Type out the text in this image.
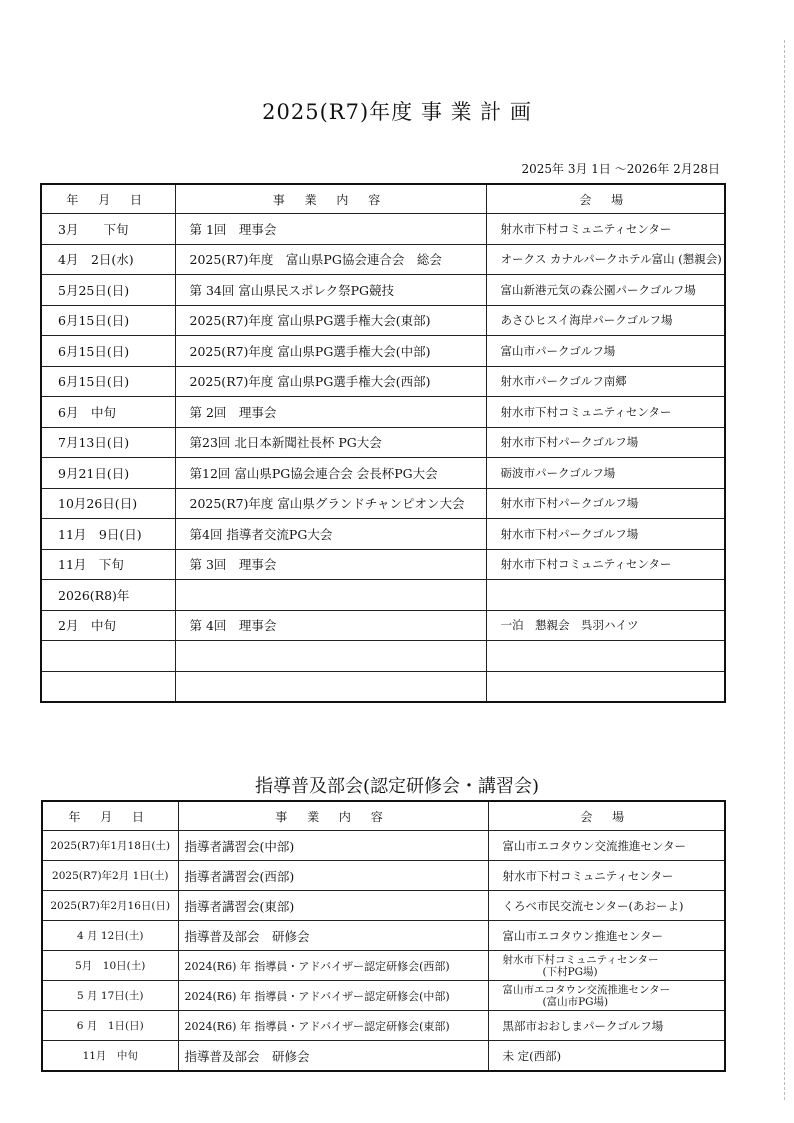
2025(R7)年度 事 業 計 画
2025年 3月 1日 ～2026年 2月28日
年 月 日	事 業 内 容	会 場
3月　　下旬	第 1回　理事会	射水市下村コミュニティセンター
4月　2日(水)	2025(R7)年度　富山県PG協会連合会　総会	オークス カナルパークホテル富山 (懇親会)
5月25日(日)	第 34回 富山県民スポレク祭PG競技	富山新港元気の森公園パークゴルフ場
6月15日(日)	2025(R7)年度 富山県PG選手権大会(東部)	あさひヒスイ海岸パークゴルフ場
6月15日(日)	2025(R7)年度 富山県PG選手権大会(中部)	富山市パークゴルフ場
6月15日(日)	2025(R7)年度 富山県PG選手権大会(西部)	射水市パークゴルフ南郷
6月　中旬	第 2回　理事会	射水市下村コミュニティセンター
7月13日(日)	第23回 北日本新聞社長杯 PG大会	射水市下村パークゴルフ場
9月21日(日)	第12回 富山県PG協会連合会 会長杯PG大会	砺波市パークゴルフ場
10月26日(日)	2025(R7)年度 富山県グランドチャンピオン大会	射水市下村パークゴルフ場
11月　9日(日)	第4回 指導者交流PG大会	射水市下村パークゴルフ場
11月　下旬	第 3回　理事会	射水市下村コミュニティセンター
2026(R8)年		
2月　中旬	第 4回　理事会	一泊　懇親会　呉羽ハイツ

指導普及部会(認定研修会・講習会)
年 月 日	事 業 内 容	会 場
2025(R7)年1月18日(土)	指導者講習会(中部)	富山市エコタウン交流推進センター
2025(R7)年2月 1日(土)	指導者講習会(西部)	射水市下村コミュニティセンター
2025(R7)年2月16日(日)	指導者講習会(東部)	くろべ市民交流センター(あおーよ)
4 月 12日(土)	指導普及部会　研修会	富山市エコタウン推進センター
5月　10日(土)	2024(R6) 年 指導員・アドバイザー認定研修会(西部)	射水市下村コミュニティセンター
(下村PG場)

5 月 17日(土)	2024(R6) 年 指導員・アドバイザー認定研修会(中部)	富山市エコタウン交流推進センター
(富山市PG場)

6 月　1日(日)	2024(R6) 年 指導員・アドバイザー認定研修会(東部)	黒部市おおしまパークゴルフ場
11月　中旬	指導普及部会　研修会	未 定(西部)
